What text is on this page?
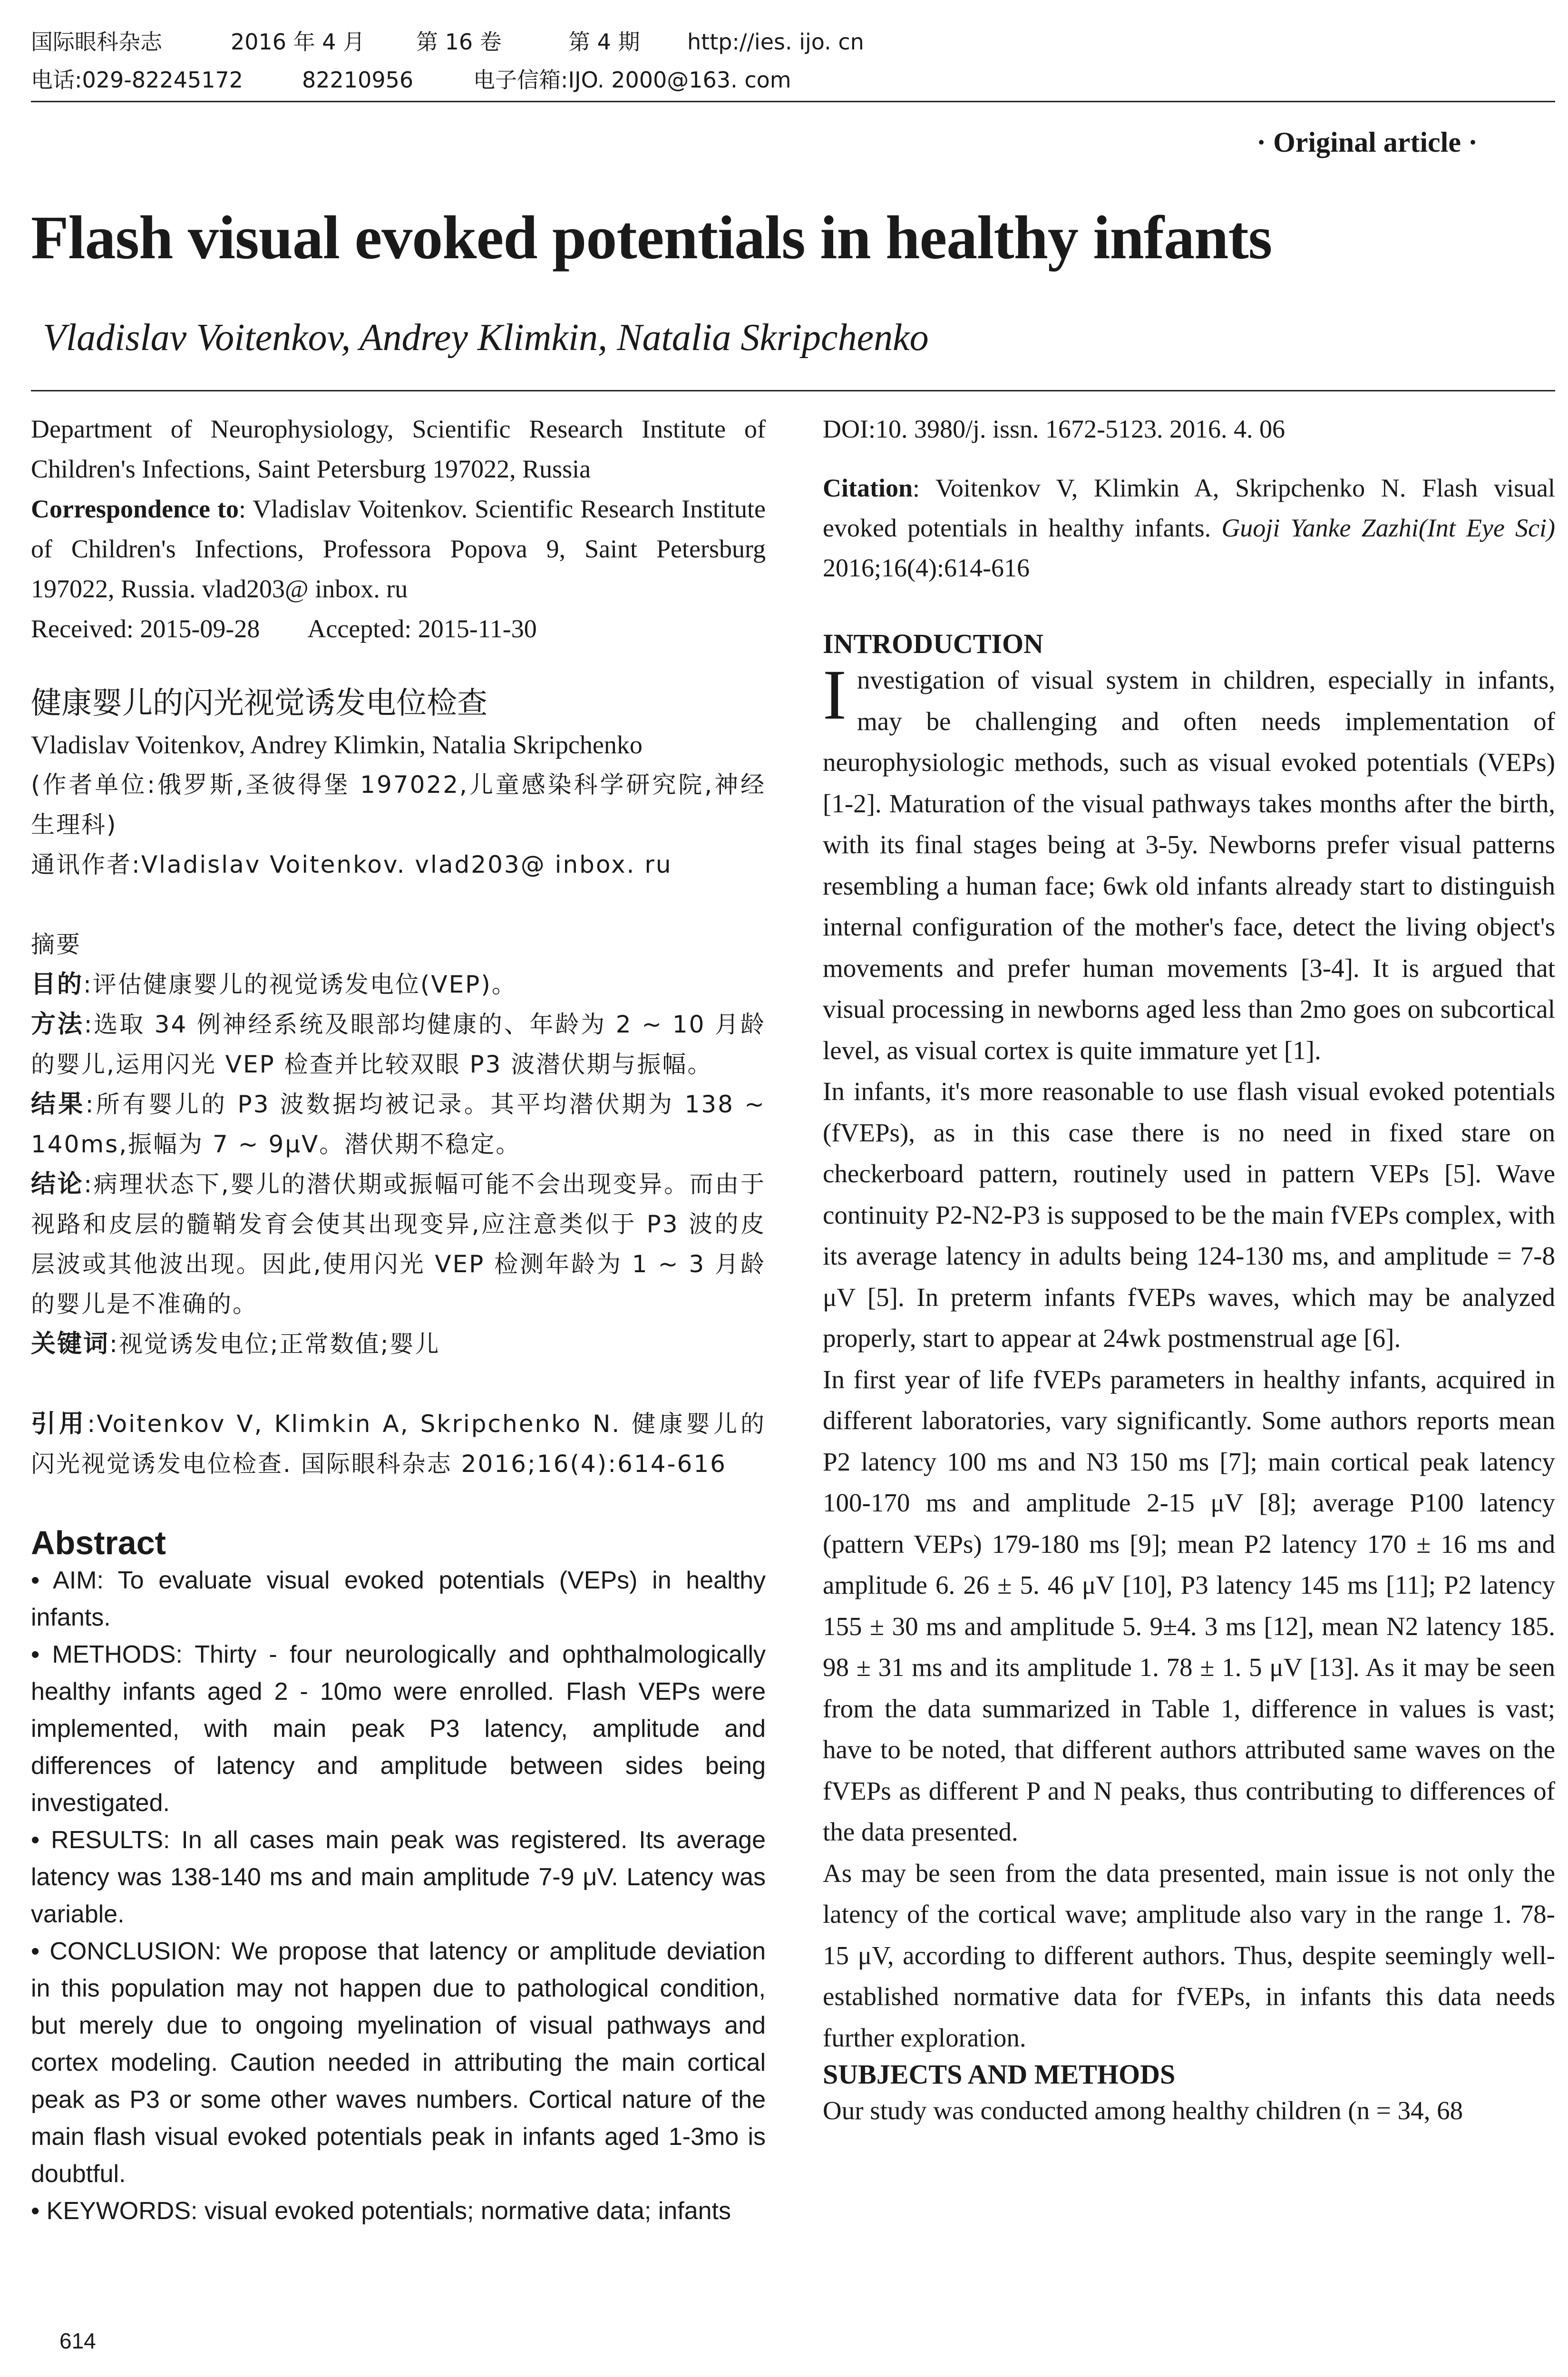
国际眼科杂志	2016 年 4 月	第 16 卷	第 4 期	http://ies. ijo. cn
电话:029-82245172	82210956	电子信箱:IJO. 2000@163. com
· Original article ·
Flash visual evoked potentials in healthy infants
Vladislav Voitenkov, Andrey Klimkin, Natalia Skripchenko

Department of Neurophysiology, Scientific Research Institute of Children's Infections, Saint Petersburg 197022, Russia

Correspondence to: Vladislav Voitenkov. Scientific Research Institute of Children's Infections, Professora Popova 9, Saint Petersburg 197022, Russia. vlad203@ inbox. ru

Received: 2015-09-28 Accepted: 2015-11-30

健康婴儿的闪光视觉诱发电位检查

Vladislav Voitenkov, Andrey Klimkin, Natalia Skripchenko

(作者单位:俄罗斯,圣彼得堡 197022,儿童感染科学研究院,神经生理科)

通讯作者:Vladislav Voitenkov. vlad203@ inbox. ru

摘要

目的:评估健康婴儿的视觉诱发电位(VEP)。

方法:选取 34 例神经系统及眼部均健康的、年龄为 2 ~ 10 月龄的婴儿,运用闪光 VEP 检查并比较双眼 P3 波潜伏期与振幅。

结果:所有婴儿的 P3 波数据均被记录。其平均潜伏期为 138 ~ 140ms,振幅为 7 ~ 9μV。潜伏期不稳定。

结论:病理状态下,婴儿的潜伏期或振幅可能不会出现变异。而由于视路和皮层的髓鞘发育会使其出现变异,应注意类似于 P3 波的皮层波或其他波出现。因此,使用闪光 VEP 检测年龄为 1 ~ 3 月龄的婴儿是不准确的。

关键词:视觉诱发电位;正常数值;婴儿

引用:Voitenkov V, Klimkin A, Skripchenko N. 健康婴儿的闪光视觉诱发电位检查. 国际眼科杂志 2016;16(4):614-616

Abstract

• AIM: To evaluate visual evoked potentials (VEPs) in healthy infants.

• METHODS: Thirty - four neurologically and ophthalmologically healthy infants aged 2 - 10mo were enrolled. Flash VEPs were implemented, with main peak P3 latency, amplitude and differences of latency and amplitude between sides being investigated.

• RESULTS: In all cases main peak was registered. Its average latency was 138-140 ms and main amplitude 7-9 μV. Latency was variable.

• CONCLUSION: We propose that latency or amplitude deviation in this population may not happen due to pathological condition, but merely due to ongoing myelination of visual pathways and cortex modeling. Caution needed in attributing the main cortical peak as P3 or some other waves numbers. Cortical nature of the main flash visual evoked potentials peak in infants aged 1-3mo is doubtful.

• KEYWORDS: visual evoked potentials; normative data; infants

DOI:10. 3980/j. issn. 1672-5123. 2016. 4. 06

Citation: Voitenkov V, Klimkin A, Skripchenko N. Flash visual evoked potentials in healthy infants. Guoji Yanke Zazhi(Int Eye Sci) 2016;16(4):614-616

INTRODUCTION

Investigation of visual system in children, especially in infants, may be challenging and often needs implementation of neurophysiologic methods, such as visual evoked potentials (VEPs) [1-2]. Maturation of the visual pathways takes months after the birth, with its final stages being at 3-5y. Newborns prefer visual patterns resembling a human face; 6wk old infants already start to distinguish internal configuration of the mother's face, detect the living object's movements and prefer human movements [3-4]. It is argued that visual processing in newborns aged less than 2mo goes on subcortical level, as visual cortex is quite immature yet [1].

In infants, it's more reasonable to use flash visual evoked potentials (fVEPs), as in this case there is no need in fixed stare on checkerboard pattern, routinely used in pattern VEPs [5]. Wave continuity P2-N2-P3 is supposed to be the main fVEPs complex, with its average latency in adults being 124-130 ms, and amplitude = 7-8 μV [5]. In preterm infants fVEPs waves, which may be analyzed properly, start to appear at 24wk postmenstrual age [6].

In first year of life fVEPs parameters in healthy infants, acquired in different laboratories, vary significantly. Some authors reports mean P2 latency 100 ms and N3 150 ms [7]; main cortical peak latency 100-170 ms and amplitude 2-15 μV [8]; average P100 latency (pattern VEPs) 179-180 ms [9]; mean P2 latency 170 ± 16 ms and amplitude 6. 26 ± 5. 46 μV [10], P3 latency 145 ms [11]; P2 latency 155 ± 30 ms and amplitude 5. 9±4. 3 ms [12], mean N2 latency 185. 98 ± 31 ms and its amplitude 1. 78 ± 1. 5 μV [13]. As it may be seen from the data summarized in Table 1, difference in values is vast; have to be noted, that different authors attributed same waves on the fVEPs as different P and N peaks, thus contributing to differences of the data presented.

As may be seen from the data presented, main issue is not only the latency of the cortical wave; amplitude also vary in the range 1. 78-15 μV, according to different authors. Thus, despite seemingly well-established normative data for fVEPs, in infants this data needs further exploration.

SUBJECTS AND METHODS

Our study was conducted among healthy children (n = 34, 68

614
